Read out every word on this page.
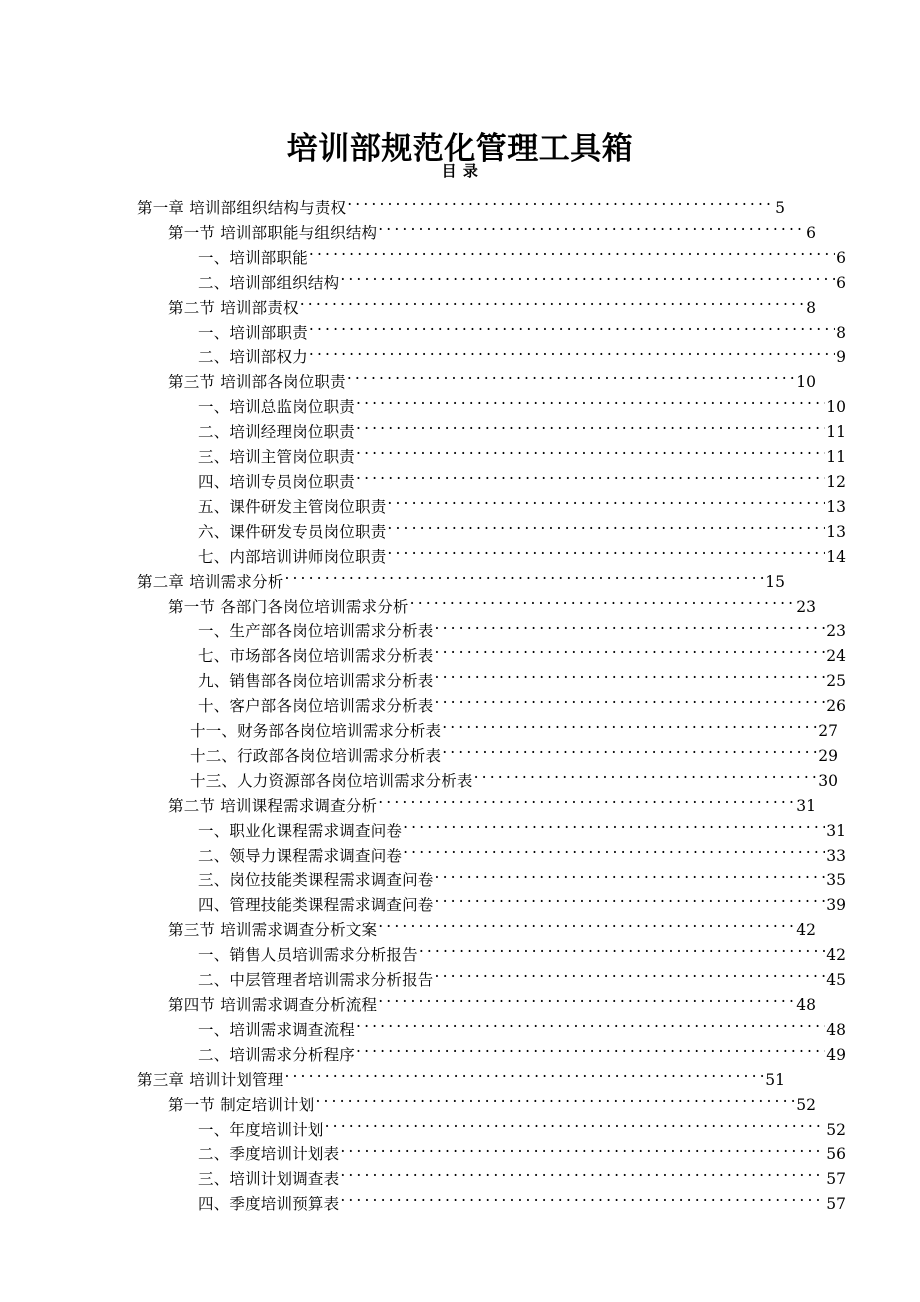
培训部规范化管理工具箱
目 录
第一章 培训部组织结构与责权 . . .	5
第一节 培训部职能与组织结构 . . .	6
一、培训部职能 . . .	6
二、培训部组织结构 . . .	6
第二节 培训部责权 . . .	8
一、培训部职责 . . .	8
二、培训部权力 . . .	9
第三节 培训部各岗位职责 . . .	10
一、培训总监岗位职责 . . .	10
二、培训经理岗位职责 . . .	11
三、培训主管岗位职责 . . .	11
四、培训专员岗位职责 . . .	12
五、课件研发主管岗位职责 . . .	13
六、课件研发专员岗位职责 . . .	13
七、内部培训讲师岗位职责 . . .	14
第二章 培训需求分析 . . .	15
第一节 各部门各岗位培训需求分析 . . .	23
一、生产部各岗位培训需求分析表 . . .	23
七、市场部各岗位培训需求分析表 . . .	24
九、销售部各岗位培训需求分析表 . . .	25
十、客户部各岗位培训需求分析表 . . .	26
十一、财务部各岗位培训需求分析表 . . .	27
十二、行政部各岗位培训需求分析表 . . .	29
十三、人力资源部各岗位培训需求分析表 . . .	30
第二节 培训课程需求调查分析 . . .	31
一、职业化课程需求调查问卷 . . .	31
二、领导力课程需求调查问卷 . . .	33
三、岗位技能类课程需求调查问卷 . . .	35
四、管理技能类课程需求调查问卷 . . .	39
第三节 培训需求调查分析文案 . . .	42
一、销售人员培训需求分析报告 . . .	42
二、中层管理者培训需求分析报告 . . .	45
第四节 培训需求调查分析流程 . . .	48
一、培训需求调查流程 . . .	48
二、培训需求分析程序 . . .	49
第三章 培训计划管理 . . .	51
第一节 制定培训计划 . . .	52
一、年度培训计划 . . .	52
二、季度培训计划表 . . .	56
三、培训计划调查表 . . .	57
四、季度培训预算表 . . .	57
